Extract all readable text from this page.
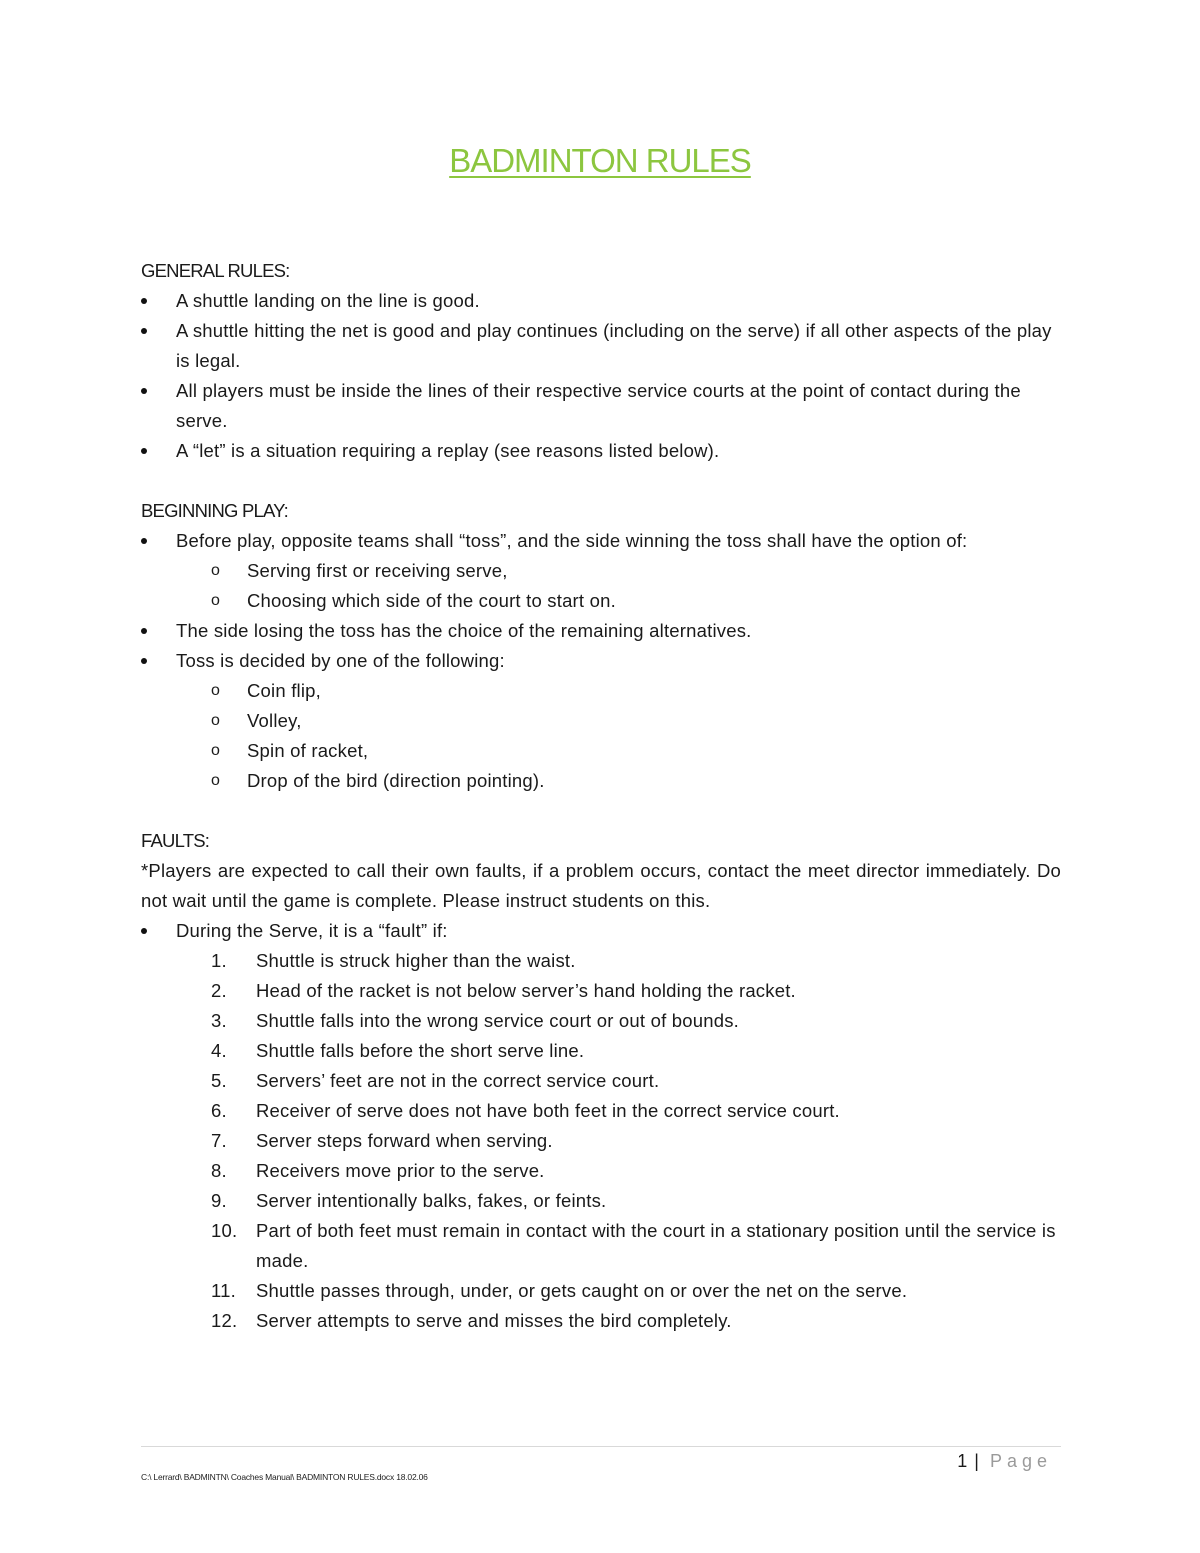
BADMINTON RULES

GENERAL RULES:

A shuttle landing on the line is good.
A shuttle hitting the net is good and play continues (including on the serve) if all other aspects of the play is legal.
All players must be inside the lines of their respective service courts at the point of contact during the serve.
A “let” is a situation requiring a replay (see reasons listed below).

BEGINNING PLAY:

Before play, opposite teams shall “toss”, and the side winning the toss shall have the option of:
o Serving first or receiving serve,
o Choosing which side of the court to start on.
The side losing the toss has the choice of the remaining alternatives.
Toss is decided by one of the following:
o Coin flip,
o Volley,
o Spin of racket,
o Drop of the bird (direction pointing).

FAULTS:

*Players are expected to call their own faults, if a problem occurs, contact the meet director immediately. Do not wait until the game is complete. Please instruct students on this.

During the Serve, it is a “fault” if:
1.	Shuttle is struck higher than the waist.
2.	Head of the racket is not below server’s hand holding the racket.
3.	Shuttle falls into the wrong service court or out of bounds.
4.	Shuttle falls before the short serve line.
5.	Servers’ feet are not in the correct service court.
6.	Receiver of serve does not have both feet in the correct service court.
7.	Server steps forward when serving.
8.	Receivers move prior to the serve.
9.	Server intentionally balks, fakes, or feints.
10. Part of both feet must remain in contact with the court in a stationary position until the service is made.
11. Shuttle passes through, under, or gets caught on or over the net on the serve.
12. Server attempts to serve and misses the bird completely.
1 | Page
C:\ Lerrard\ BADMINTN\ Coaches Manual\ BADMINTON RULES.docx 18.02.06
